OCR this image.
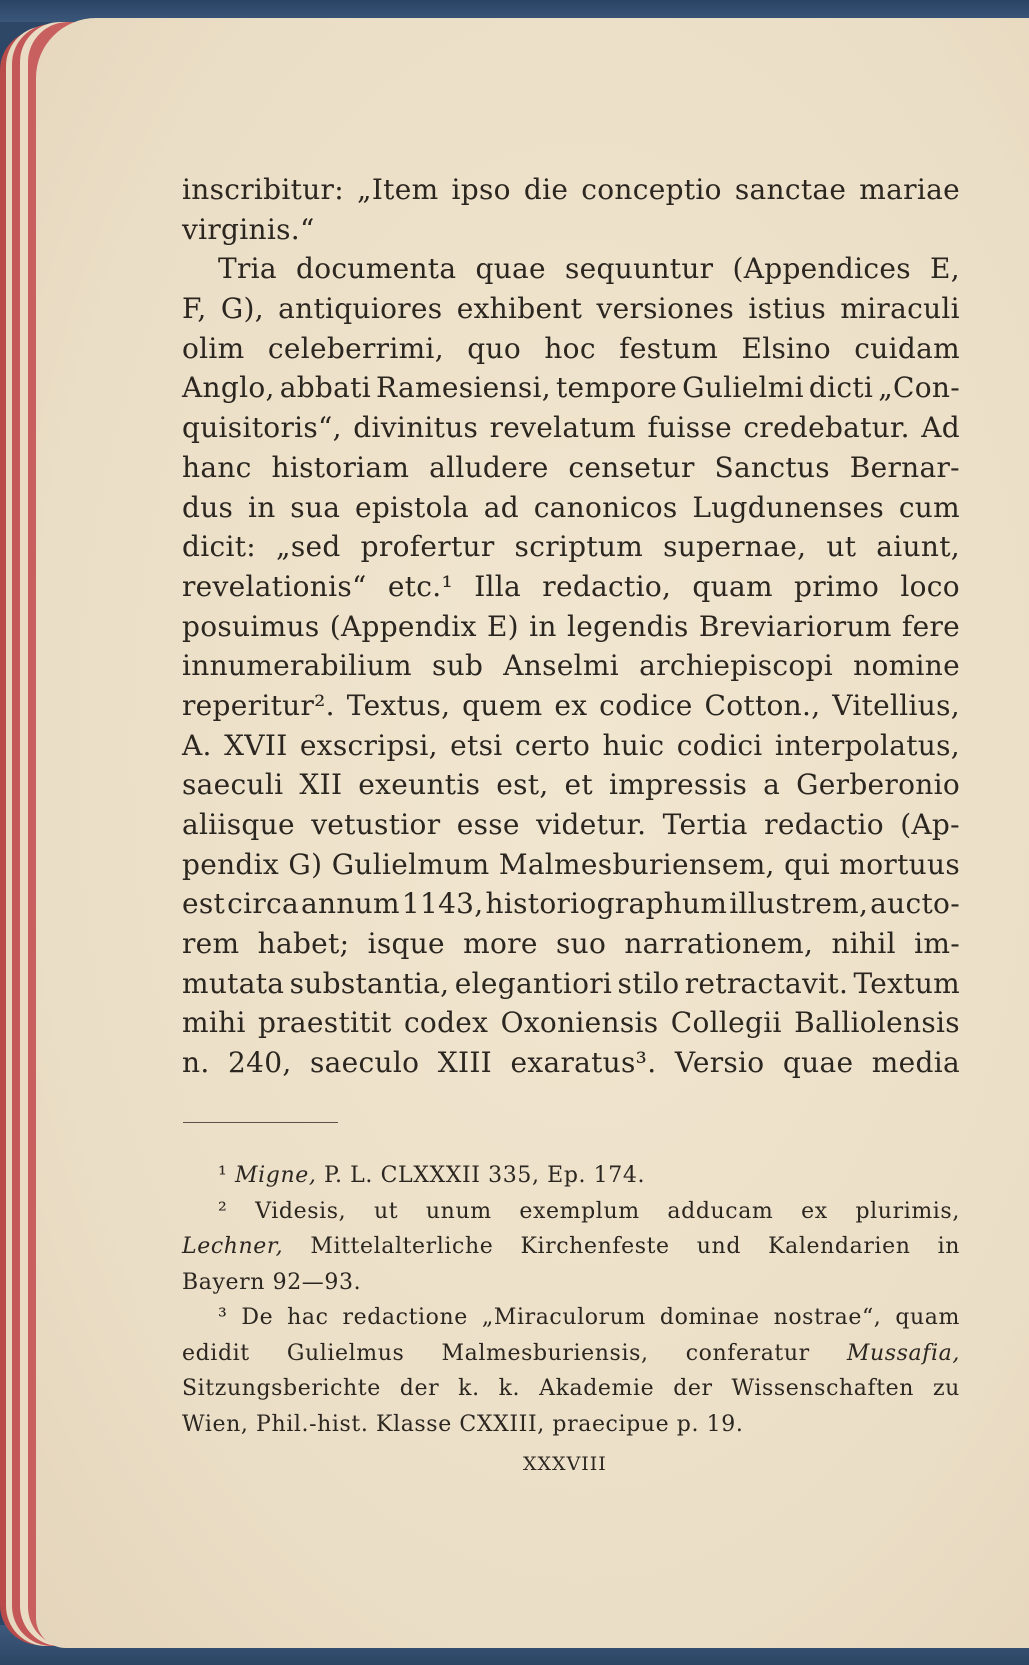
inscribitur: „Item ipso die conceptio sanctae mariae
virginis.“
Tria documenta quae sequuntur (Appendices E,
F, G), antiquiores exhibent versiones istius miraculi
olim celeberrimi, quo hoc festum Elsino cuidam
Anglo, abbati Ramesiensi, tempore Gulielmi dicti „Con-
quisitoris“, divinitus revelatum fuisse credebatur. Ad
hanc historiam alludere censetur Sanctus Bernar-
dus in sua epistola ad canonicos Lugdunenses cum
dicit: „sed profertur scriptum supernae, ut aiunt,
revelationis“ etc.¹ Illa redactio, quam primo loco
posuimus (Appendix E) in legendis Breviariorum fere
innumerabilium sub Anselmi archiepiscopi nomine
reperitur². Textus, quem ex codice Cotton., Vitellius,
A. XVII exscripsi, etsi certo huic codici interpolatus,
saeculi XII exeuntis est, et impressis a Gerberonio
aliisque vetustior esse videtur. Tertia redactio (Ap-
pendix G) Gulielmum Malmesburiensem, qui mortuus
est circa annum 1143, historiographum illustrem, aucto-
rem habet; isque more suo narrationem, nihil im-
mutata substantia, elegantiori stilo retractavit. Textum
mihi praestitit codex Oxoniensis Collegii Balliolensis
n. 240, saeculo XIII exaratus³. Versio quae media
¹ Migne, P. L. CLXXXII 335, Ep. 174.
² Videsis, ut unum exemplum adducam ex plurimis,
Lechner, Mittelalterliche Kirchenfeste und Kalendarien in
Bayern 92—93.
³ De hac redactione „Miraculorum dominae nostrae“, quam
edidit Gulielmus Malmesburiensis, conferatur Mussafia,
Sitzungsberichte der k. k. Akademie der Wissenschaften zu
Wien, Phil.-hist. Klasse CXXIII, praecipue p. 19.
XXXVIII
